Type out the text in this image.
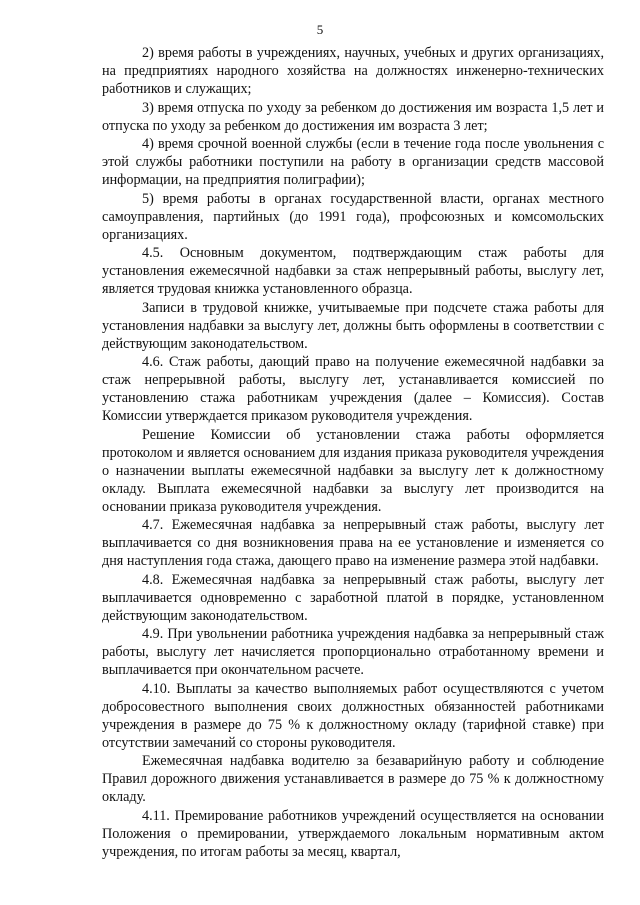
5

2) время работы в учреждениях, научных, учебных и других организациях, на предприятиях народного хозяйства на должностях инженерно-технических работников и служащих;

3) время отпуска по уходу за ребенком до достижения им возраста 1,5 лет и отпуска по уходу за ребенком до достижения им возраста 3 лет;

4) время срочной военной службы (если в течение года после увольнения с этой службы работники поступили на работу в организации средств массовой информации, на предприятия полиграфии);

5) время работы в органах государственной власти, органах местного самоуправления, партийных (до 1991 года), профсоюзных и комсомольских организациях.

4.5. Основным документом, подтверждающим стаж работы для установления ежемесячной надбавки за стаж непрерывный работы, выслугу лет, является трудовая книжка установленного образца.

Записи в трудовой книжке, учитываемые при подсчете стажа работы для установления надбавки за выслугу лет, должны быть оформлены в соответствии с действующим законодательством.

4.6. Стаж работы, дающий право на получение ежемесячной надбавки за стаж непрерывной работы, выслугу лет, устанавливается комиссией по установлению стажа работникам учреждения (далее – Комиссия). Состав Комиссии утверждается приказом руководителя учреждения.

Решение Комиссии об установлении стажа работы оформляется протоколом и является основанием для издания приказа руководителя учреждения о назначении выплаты ежемесячной надбавки за выслугу лет к должностному окладу. Выплата ежемесячной надбавки за выслугу лет производится на основании приказа руководителя учреждения.

4.7. Ежемесячная надбавка за непрерывный стаж работы, выслугу лет выплачивается со дня возникновения права на ее установление и изменяется со дня наступления года стажа, дающего право на изменение размера этой надбавки.

4.8. Ежемесячная надбавка за непрерывный стаж работы, выслугу лет выплачивается одновременно с заработной платой в порядке, установленном действующим законодательством.

4.9. При увольнении работника учреждения надбавка за непрерывный стаж работы, выслугу лет начисляется пропорционально отработанному времени и выплачивается при окончательном расчете.

4.10. Выплаты за качество выполняемых работ осуществляются с учетом добросовестного выполнения своих должностных обязанностей работниками учреждения в размере до 75 % к должностному окладу (тарифной ставке) при отсутствии замечаний со стороны руководителя.

Ежемесячная надбавка водителю за безаварийную работу и соблюдение Правил дорожного движения устанавливается в размере до 75 % к должностному окладу.

4.11. Премирование работников учреждений осуществляется на основании Положения о премировании, утверждаемого локальным нормативным актом учреждения, по итогам работы за месяц, квартал,
